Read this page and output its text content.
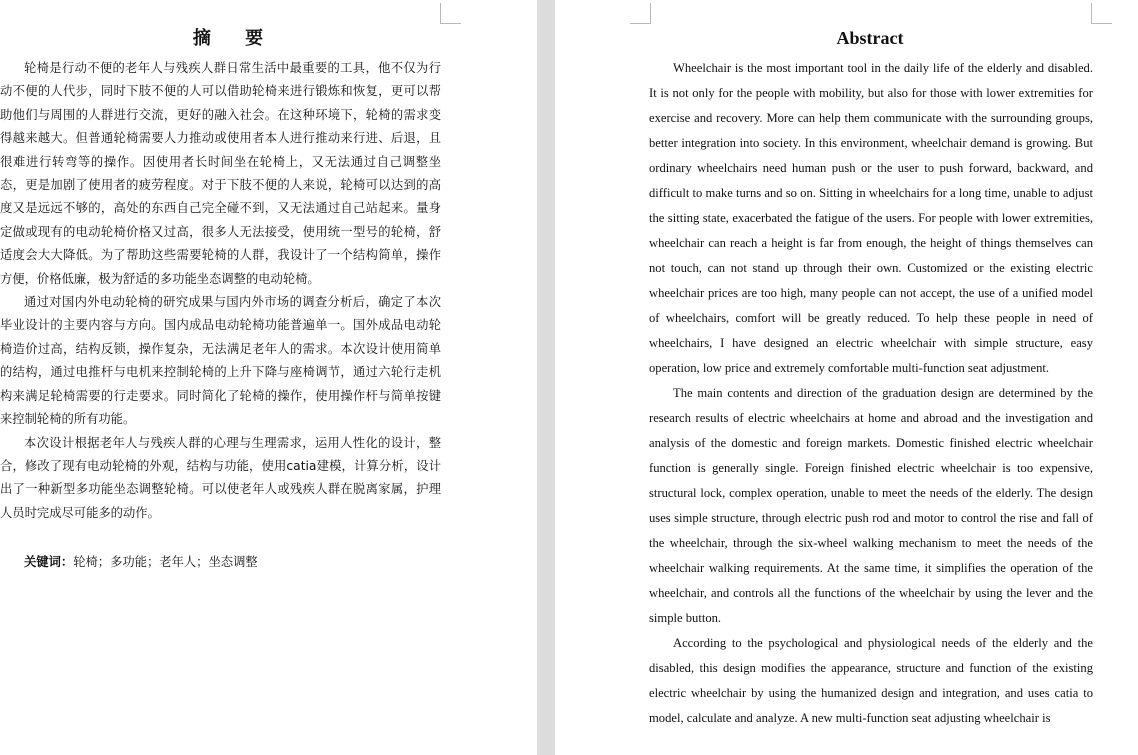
摘 要

轮椅是行动不便的老年人与残疾人群日常生活中最重要的工具，他不仅为行动不便的人代步，同时下肢不便的人可以借助轮椅来进行锻炼和恢复，更可以帮助他们与周围的人群进行交流，更好的融入社会。在这种环境下，轮椅的需求变得越来越大。但普通轮椅需要人力推动或使用者本人进行推动来行进、后退，且很难进行转弯等的操作。因使用者长时间坐在轮椅上，又无法通过自己调整坐态，更是加剧了使用者的疲劳程度。对于下肢不便的人来说，轮椅可以达到的高度又是远远不够的，高处的东西自己完全碰不到，又无法通过自己站起来。量身定做或现有的电动轮椅价格又过高，很多人无法接受，使用统一型号的轮椅，舒适度会大大降低。为了帮助这些需要轮椅的人群，我设计了一个结构简单，操作方便，价格低廉，极为舒适的多功能坐态调整的电动轮椅。

通过对国内外电动轮椅的研究成果与国内外市场的调查分析后，确定了本次毕业设计的主要内容与方向。国内成品电动轮椅功能普遍单一。国外成品电动轮椅造价过高，结构反锁，操作复杂，无法满足老年人的需求。本次设计使用简单的结构，通过电推杆与电机来控制轮椅的上升下降与座椅调节，通过六轮行走机构来满足轮椅需要的行走要求。同时简化了轮椅的操作，使用操作杆与简单按键来控制轮椅的所有功能。

本次设计根据老年人与残疾人群的心理与生理需求，运用人性化的设计，整合，修改了现有电动轮椅的外观，结构与功能，使用catia建模，计算分析，设计出了一种新型多功能坐态调整轮椅。可以使老年人或残疾人群在脱离家属，护理人员时完成尽可能多的动作。

关键词：轮椅；多功能；老年人；坐态调整
Abstract

Wheelchair is the most important tool in the daily life of the elderly and disabled. It is not only for the people with mobility, but also for those with lower extremities for exercise and recovery. More can help them communicate with the surrounding groups, better integration into society. In this environment, wheelchair demand is growing. But ordinary wheelchairs need human push or the user to push forward, backward, and difficult to make turns and so on. Sitting in wheelchairs for a long time, unable to adjust the sitting state, exacerbated the fatigue of the users. For people with lower extremities, wheelchair can reach a height is far from enough, the height of things themselves can not touch, can not stand up through their own. Customized or the existing electric wheelchair prices are too high, many people can not accept, the use of a unified model of wheelchairs, comfort will be greatly reduced. To help these people in need of wheelchairs, I have designed an electric wheelchair with simple structure, easy operation, low price and extremely comfortable multi-function seat adjustment.

The main contents and direction of the graduation design are determined by the research results of electric wheelchairs at home and abroad and the investigation and analysis of the domestic and foreign markets. Domestic finished electric wheelchair function is generally single. Foreign finished electric wheelchair is too expensive, structural lock, complex operation, unable to meet the needs of the elderly. The design uses simple structure, through electric push rod and motor to control the rise and fall of the wheelchair, through the six-wheel walking mechanism to meet the needs of the wheelchair walking requirements. At the same time, it simplifies the operation of the wheelchair, and controls all the functions of the wheelchair by using the lever and the simple button.

According to the psychological and physiological needs of the elderly and the disabled, this design modifies the appearance, structure and function of the existing electric wheelchair by using the humanized design and integration, and uses catia to model, calculate and analyze. A new multi-function seat adjusting wheelchair is
